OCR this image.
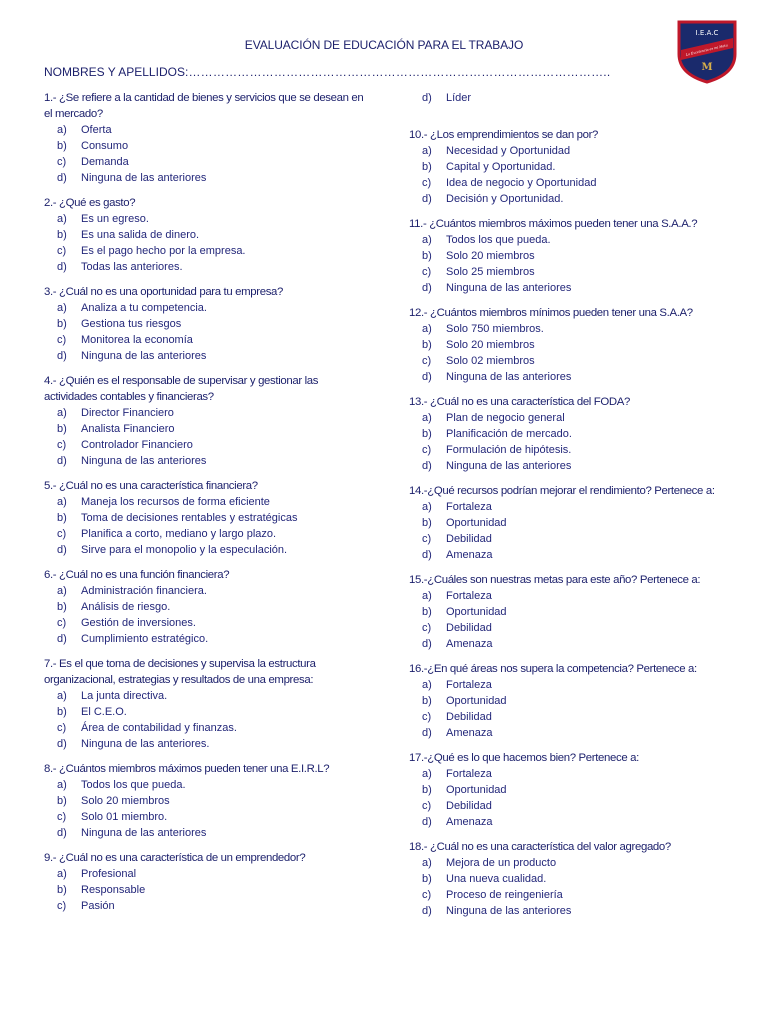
EVALUACIÓN DE EDUCACIÓN PARA EL TRABAJO
NOMBRES Y APELLIDOS:…………………………………………………………………………………………..
I.E.A.C
La Excelencia es mi Meta
M
1.- ¿Se refiere a la cantidad de bienes y servicios que se desean en el mercado?
a) Oferta
b) Consumo
c) Demanda
d) Ninguna de las anteriores
2.- ¿Qué es gasto?
a) Es un egreso.
b) Es una salida de dinero.
c) Es el pago hecho por la empresa.
d) Todas las anteriores.
3.- ¿Cuál no es una oportunidad para tu empresa?
a) Analiza a tu competencia.
b) Gestiona tus riesgos
c) Monitorea la economía
d) Ninguna de las anteriores
4.- ¿Quién es el responsable de supervisar y gestionar las actividades contables y financieras?
a) Director Financiero
b) Analista Financiero
c) Controlador Financiero
d) Ninguna de las anteriores
5.- ¿Cuál no es una característica financiera?
a) Maneja los recursos de forma eficiente
b) Toma de decisiones rentables y estratégicas
c) Planifica a corto, mediano y largo plazo.
d) Sirve para el monopolio y la especulación.
6.- ¿Cuál no es una función financiera?
a) Administración financiera.
b) Análisis de riesgo.
c) Gestión de inversiones.
d) Cumplimiento estratégico.
7.- Es el que toma de decisiones y supervisa la estructura organizacional, estrategias y resultados de una empresa:
a) La junta directiva.
b) El C.E.O.
c) Área de contabilidad y finanzas.
d) Ninguna de las anteriores.
8.- ¿Cuántos miembros máximos pueden tener una E.I.R.L?
a) Todos los que pueda.
b) Solo 20 miembros
c) Solo 01 miembro.
d) Ninguna de las anteriores
9.- ¿Cuál no es una característica de un emprendedor?
a) Profesional
b) Responsable
c) Pasión
d) Líder
10.- ¿Los emprendimientos se dan por?
a) Necesidad y Oportunidad
b) Capital y Oportunidad.
c) Idea de negocio y Oportunidad
d) Decisión y Oportunidad.
11.- ¿Cuántos miembros máximos pueden tener una S.A.A.?
a) Todos los que pueda.
b) Solo 20 miembros
c) Solo 25 miembros
d) Ninguna de las anteriores
12.- ¿Cuántos miembros mínimos pueden tener una S.A.A?
a) Solo 750 miembros.
b) Solo 20 miembros
c) Solo 02 miembros
d) Ninguna de las anteriores
13.- ¿Cuál no es una característica del FODA?
a) Plan de negocio general
b) Planificación de mercado.
c) Formulación de hipótesis.
d) Ninguna de las anteriores
14.-¿Qué recursos podrían mejorar el rendimiento? Pertenece a:
a) Fortaleza
b) Oportunidad
c) Debilidad
d) Amenaza
15.-¿Cuáles son nuestras metas para este año? Pertenece a:
a) Fortaleza
b) Oportunidad
c) Debilidad
d) Amenaza
16.-¿En qué áreas nos supera la competencia? Pertenece a:
a) Fortaleza
b) Oportunidad
c) Debilidad
d) Amenaza
17.-¿Qué es lo que hacemos bien? Pertenece a:
a) Fortaleza
b) Oportunidad
c) Debilidad
d) Amenaza
18.- ¿Cuál no es una característica del valor agregado?
a) Mejora de un producto
b) Una nueva cualidad.
c) Proceso de reingeniería
d) Ninguna de las anteriores
